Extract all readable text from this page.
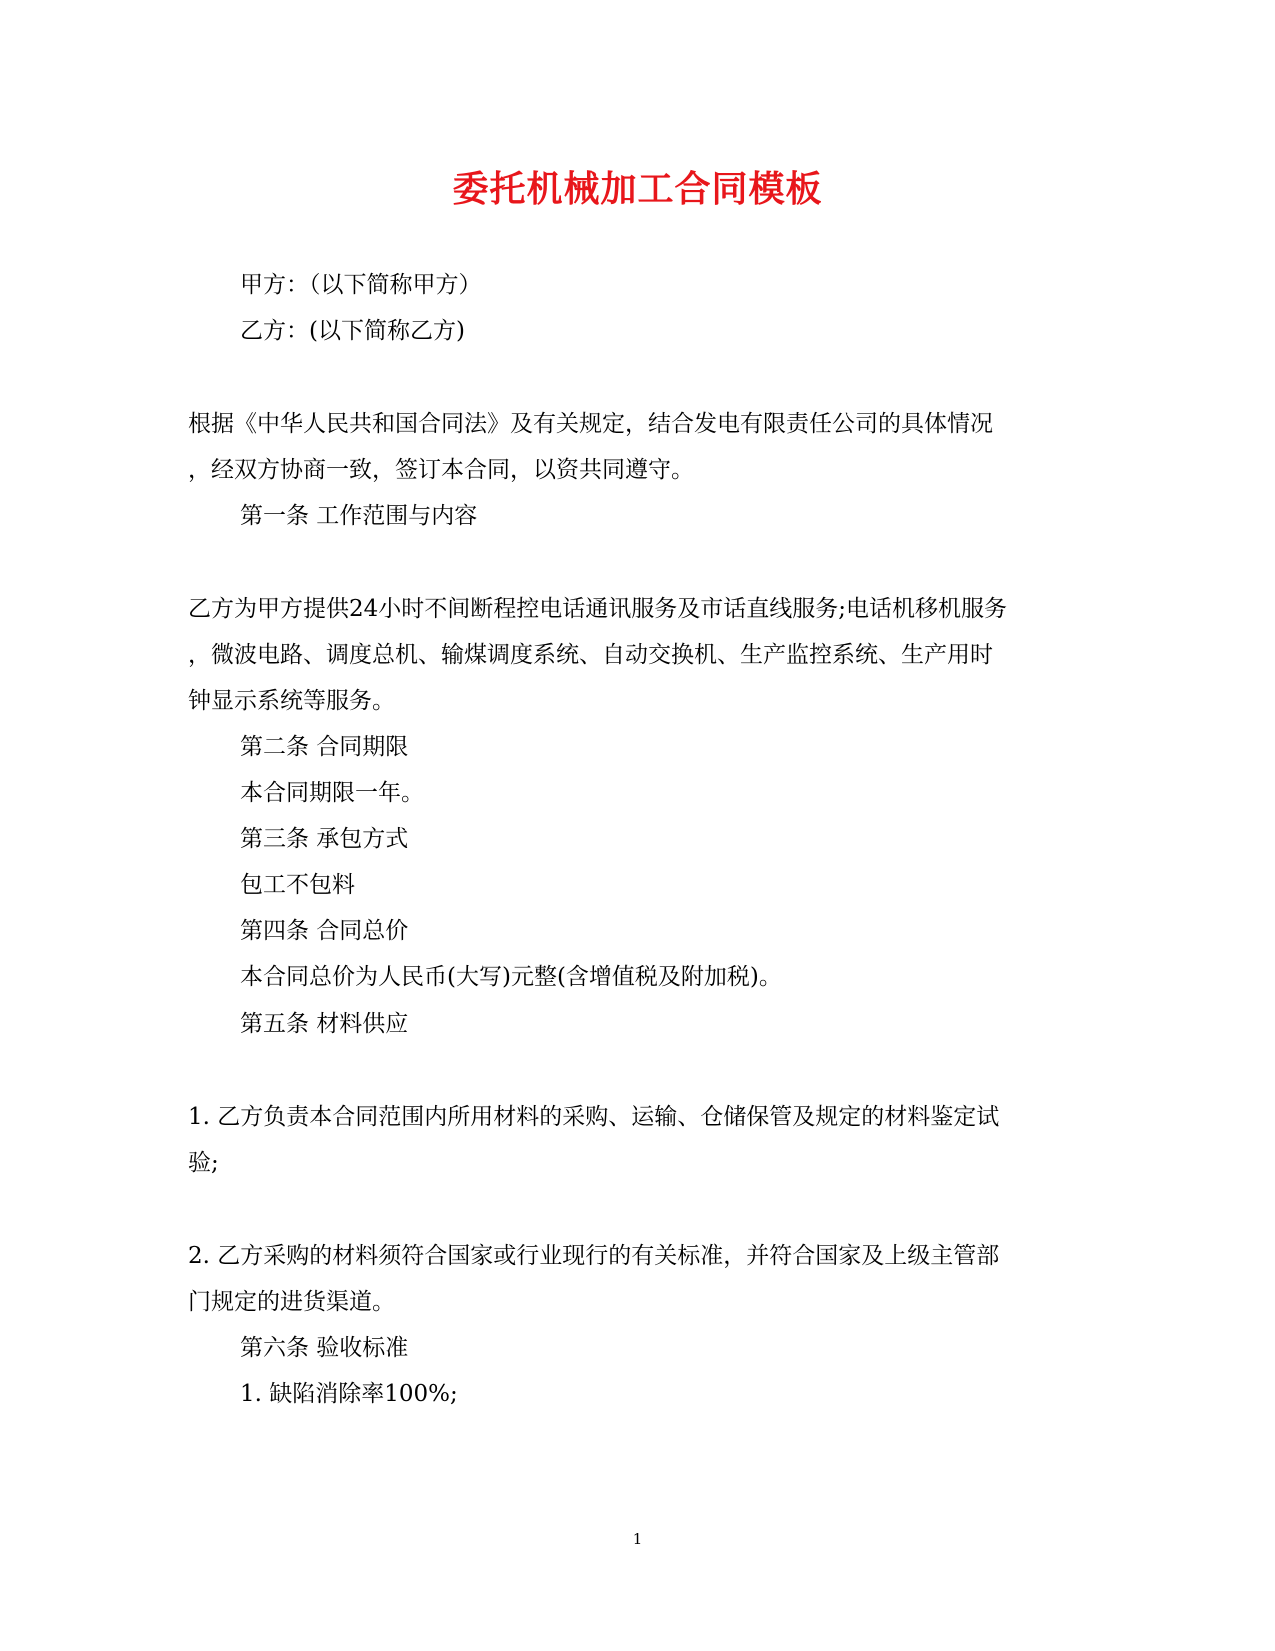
委托机械加工合同模板
甲方：（以下简称甲方）
乙方：(以下简称乙方)
根据《中华人民共和国合同法》及有关规定，结合发电有限责任公司的具体情况
，经双方协商一致，签订本合同，以资共同遵守。
第一条 工作范围与内容
乙方为甲方提供24小时不间断程控电话通讯服务及市话直线服务;电话机移机服务
，微波电路、调度总机、输煤调度系统、自动交换机、生产监控系统、生产用时
钟显示系统等服务。
第二条 合同期限
本合同期限一年。
第三条 承包方式
包工不包料
第四条 合同总价
本合同总价为人民币(大写)元整(含增值税及附加税)。
第五条 材料供应
1. 乙方负责本合同范围内所用材料的采购、运输、仓储保管及规定的材料鉴定试
验;
2. 乙方采购的材料须符合国家或行业现行的有关标准，并符合国家及上级主管部
门规定的进货渠道。
第六条 验收标准
1. 缺陷消除率100%;
1
